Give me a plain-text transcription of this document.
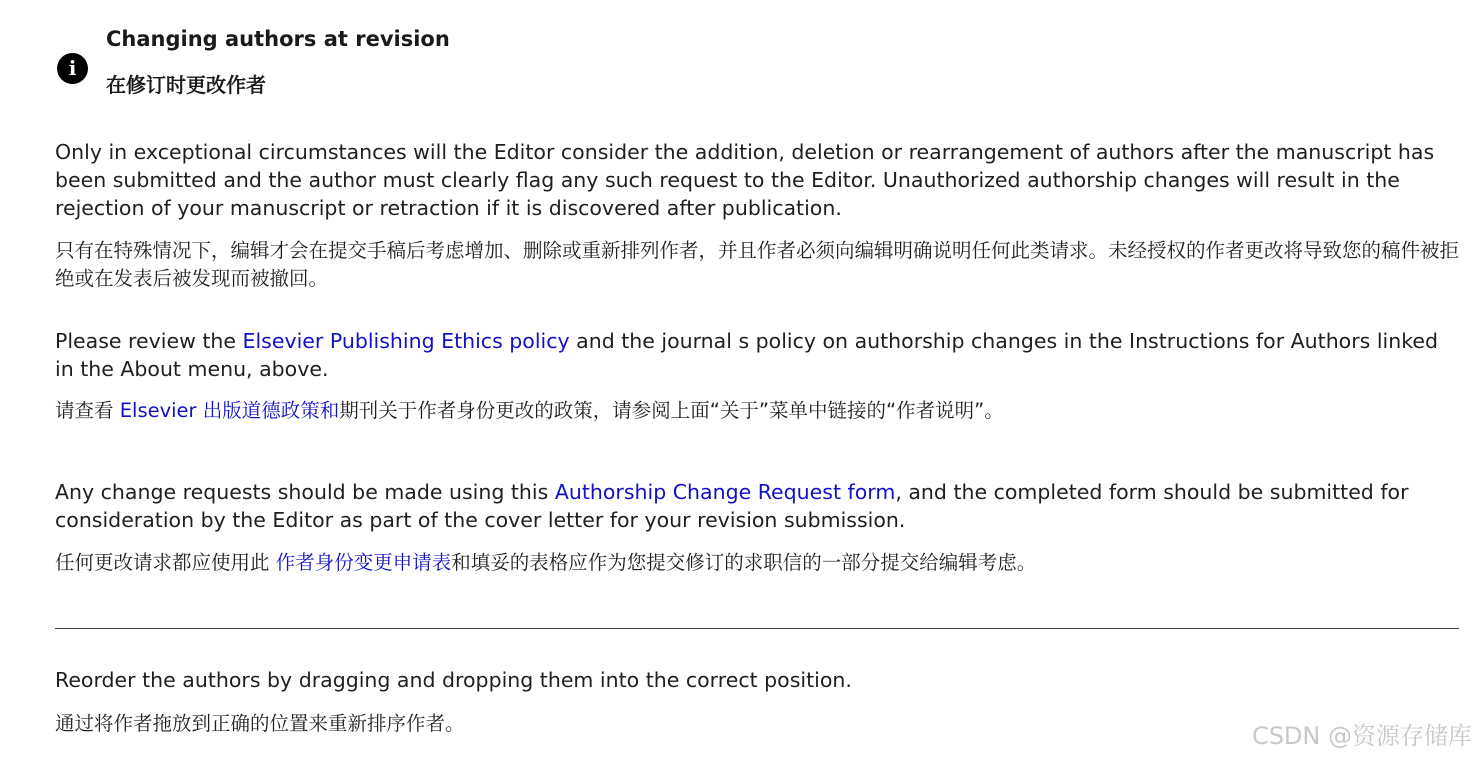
i
Changing authors at revision
在修订时更改作者

Only in exceptional circumstances will the Editor consider the addition, deletion or rearrangement of authors after the manuscript has been submitted and the author must clearly flag any such request to the Editor. Unauthorized authorship changes will result in the rejection of your manuscript or retraction if it is discovered after publication.

只有在特殊情况下，编辑才会在提交手稿后考虑增加、删除或重新排列作者，并且作者必须向编辑明确说明任何此类请求。未经授权的作者更改将导致您的稿件被拒绝或在发表后被发现而被撤回。

Please review the Elsevier Publishing Ethics policy and the journal s policy on authorship changes in the Instructions for Authors linked in the About menu, above.

请查看 Elsevier 出版道德政策和期刊关于作者身份更改的政策，请参阅上面“关于”菜单中链接的“作者说明”。

Any change requests should be made using this Authorship Change Request form, and the completed form should be submitted for consideration by the Editor as part of the cover letter for your revision submission.

任何更改请求都应使用此 作者身份变更申请表和填妥的表格应作为您提交修订的求职信的一部分提交给编辑考虑。

Reorder the authors by dragging and dropping them into the correct position.

通过将作者拖放到正确的位置来重新排序作者。	CSDN @资源存储库
